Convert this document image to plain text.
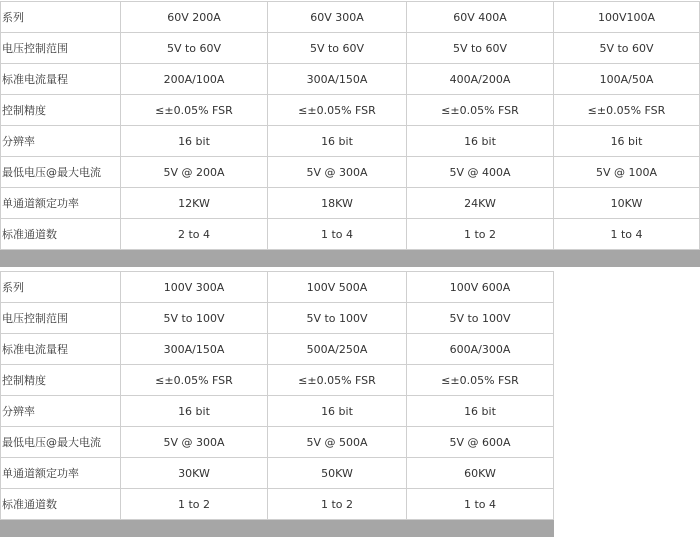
系列	60V 200A	60V 300A	60V 400A	100V100A
电压控制范围	5V to 60V	5V to 60V	5V to 60V	5V to 60V
标准电流量程	200A/100A	300A/150A	400A/200A	100A/50A
控制精度	≤±0.05% FSR	≤±0.05% FSR	≤±0.05% FSR	≤±0.05% FSR
分辨率	16 bit	16 bit	16 bit	16 bit
最低电压@最大电流	5V @ 200A	5V @ 300A	5V @ 400A	5V @ 100A
单通道额定功率	12KW	18KW	24KW	10KW
标准通道数	2 to 4	1 to 4	1 to 2	1 to 4

系列	100V 300A	100V 500A	100V 600A
电压控制范围	5V to 100V	5V to 100V	5V to 100V
标准电流量程	300A/150A	500A/250A	600A/300A
控制精度	≤±0.05% FSR	≤±0.05% FSR	≤±0.05% FSR
分辨率	16 bit	16 bit	16 bit
最低电压@最大电流	5V @ 300A	5V @ 500A	5V @ 600A
单通道额定功率	30KW	50KW	60KW
标准通道数	1 to 2	1 to 2	1 to 4
